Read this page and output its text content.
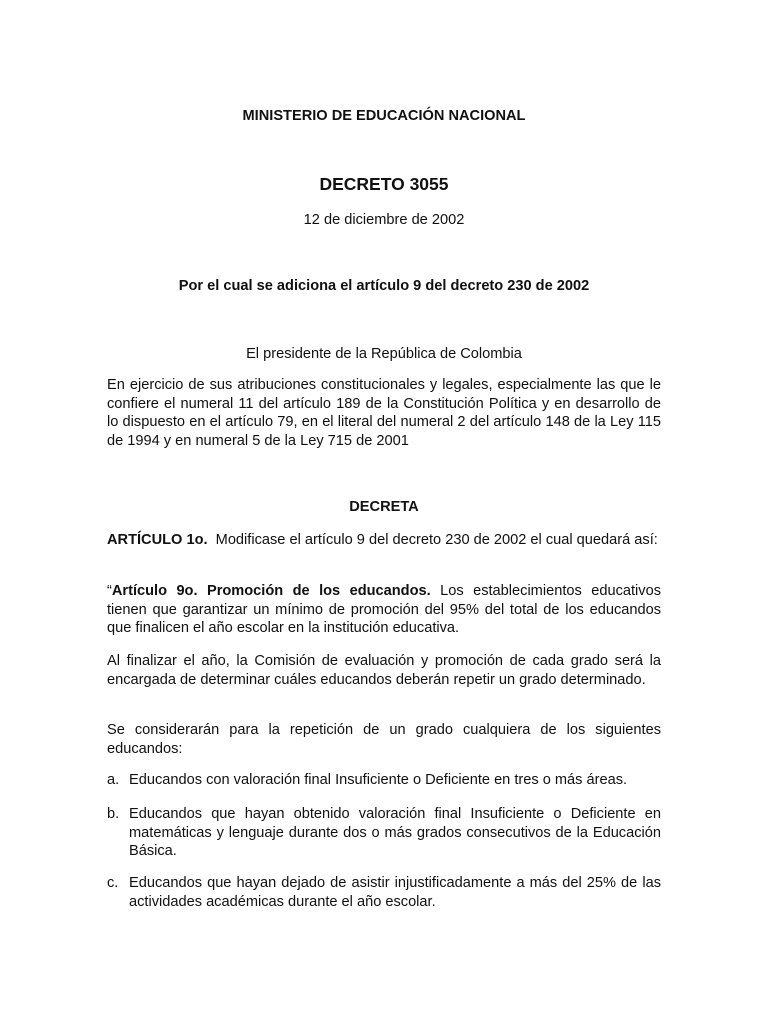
MINISTERIO DE EDUCACIÓN NACIONAL
DECRETO 3055
12 de diciembre de 2002
Por el cual se adiciona el artículo 9 del decreto 230 de 2002
El presidente de la República de Colombia
En ejercicio de sus atribuciones constitucionales y legales, especialmente las que le confiere el numeral 11 del artículo 189 de la Constitución Política y en desarrollo de lo dispuesto en el artículo 79, en el literal del numeral 2 del artículo 148 de la Ley 115 de 1994 y en numeral 5 de la Ley 715 de 2001
DECRETA
ARTÍCULO 1o. Modificase el artículo 9 del decreto 230 de 2002 el cual quedará así:
“Artículo 9o. Promoción de los educandos. Los establecimientos educativos tienen que garantizar un mínimo de promoción del 95% del total de los educandos que finalicen el año escolar en la institución educativa.
Al finalizar el año, la Comisión de evaluación y promoción de cada grado será la encargada de determinar cuáles educandos deberán repetir un grado determinado.
Se considerarán para la repetición de un grado cualquiera de los siguientes educandos:
a. Educandos con valoración final Insuficiente o Deficiente en tres o más áreas.
b. Educandos que hayan obtenido valoración final Insuficiente o Deficiente en matemáticas y lenguaje durante dos o más grados consecutivos de la Educación Básica.
c. Educandos que hayan dejado de asistir injustificadamente a más del 25% de las actividades académicas durante el año escolar.
